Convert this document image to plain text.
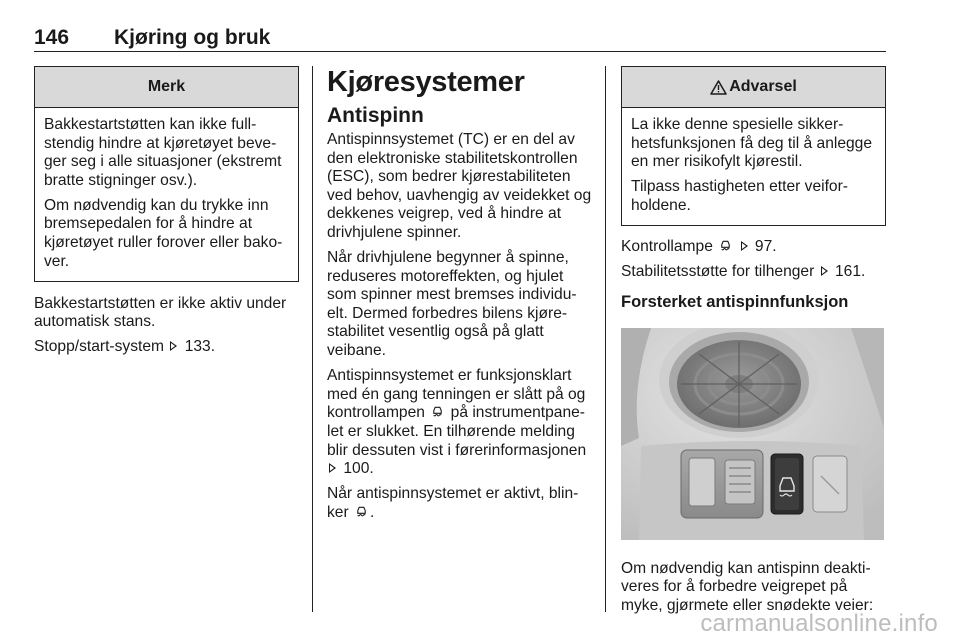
146 Kjøring og bruk
Merk

Bakkestartstøtten kan ikke full-stendig hindre at kjøretøyet beve-ger seg i alle situasjoner (ekstremt bratte stigninger osv.).

Om nødvendig kan du trykke inn bremsepedalen for å hindre at kjøretøyet ruller forover eller bako-ver.

Bakkestartstøtten er ikke aktiv under automatisk stans.

Stopp/start-system 133.

Kjøresystemer
Antispinn

Antispinnsystemet (TC) er en del av den elektroniske stabilitetskontrollen (ESC), som bedrer kjørestabiliteten ved behov, uavhengig av veidekket og dekkenes veigrep, ved å hindre at drivhjulene spinner.

Når drivhjulene begynner å spinne, reduseres motoreffekten, og hjulet som spinner mest bremses individu-elt. Dermed forbedres bilens kjøre-stabilitet vesentlig også på glatt veibane.

Antispinnsystemet er funksjonsklart med én gang tenningen er slått på og kontrollampen på instrumentpane-let er slukket. En tilhørende melding blir dessuten vist i førerinformasjonen  100.

Når antispinnsystemet er aktivt, blin-ker .

Advarsel

La ikke denne spesielle sikker-hetsfunksjonen få deg til å anlegge en mer risikofylt kjørestil.

Tilpass hastigheten etter veifor-holdene.

Kontrollampe	97.

Stabilitetsstøtte for tilhenger 161.

Forsterket antispinnfunksjon

Om nødvendig kan antispinn deakti-veres for å forbedre veigrepet på myke, gjørmete eller snødekte veier:

carmanualsonline.info
